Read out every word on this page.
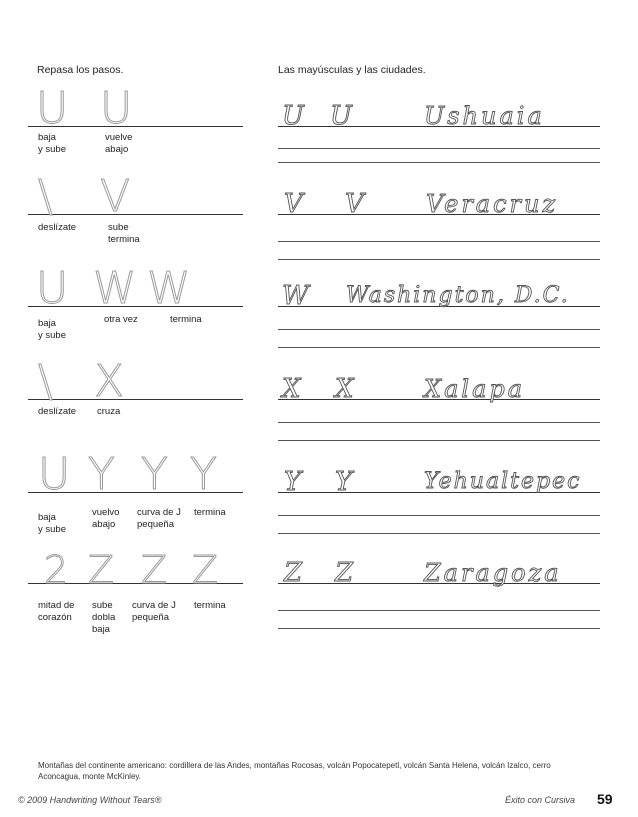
Repasa los pasos.
U U
baja
y sube
vuelve
abajo
\ V
deslízate	sube
termina
U W W
baja
y sube
otra vez	termina
\ X
deslízate cruza
U Y Y Y
baja
y sube
vuelvo
abajo
curva de J
pequeña
termina
2 Z Z Z
mitad de
corazón
sube
dobla
baja
curva de J
pequeña
termina
Las mayúsculas y las ciudades.
U U	Ushuaia
V V	Veracruz
W Washington, D.C.
X X	Xalapa
Y Y	Yehualtepec
Z Z	Zaragoza
Montañas del continente americano: cordillera de las Andes, montañas Rocosas, volcán Popocatepetl, volcán Santa Helena, volcán Izalco, cerro Aconcagua, monte McKinley.
© 2009 Handwriting Without Tears®	Éxito con Cursiva 59
